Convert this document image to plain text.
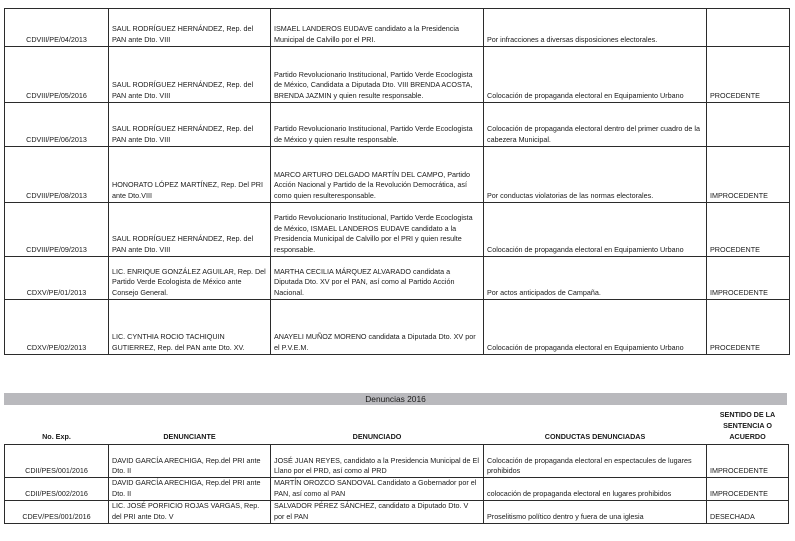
CDVIII/PE/04/2013	SAUL RODRÍGUEZ HERNÁNDEZ, Rep. del PAN ante Dto. VIII	ISMAEL LANDEROS EUDAVE candidato a la Presidencia Municipal de Calvillo por el PRI.	Por infracciones a diversas disposiciones electorales.	
CDVIII/PE/05/2016	SAUL RODRÍGUEZ HERNÁNDEZ, Rep. del PAN ante Dto. VIII	Partido Revolucionario Institucional, Partido Verde Ecoclogista de México, Candidata a Diputada Dto. VIII BRENDA ACOSTA, BRENDA JAZMIN y quien resulte responsable.	Colocación de propaganda electoral en Equipamiento Urbano	PROCEDENTE
CDVIII/PE/06/2013	SAUL RODRÍGUEZ HERNÁNDEZ, Rep. del PAN ante Dto. VIII	Partido Revolucionario Institucional, Partido Verde Ecoclogista de México y quien resulte responsable.	Colocación de propaganda electoral dentro del primer cuadro de la cabezera Municipal.	
CDVIII/PE/08/2013	HONORATO LÓPEZ MARTÍNEZ, Rep. Del PRI ante Dto.VIII	MARCO ARTURO DELGADO MARTÍN DEL CAMPO, Partido Acción Nacional y Partido de la Revolución Democrática, así como quien resulteresponsable.	Por conductas violatorias de las normas electorales.	IMPROCEDENTE
CDVIII/PE/09/2013	SAUL RODRÍGUEZ HERNÁNDEZ, Rep. del PAN ante Dto. VIII	Partido Revolucionario Institucional, Partido Verde Ecoclogista de México, ISMAEL LANDEROS EUDAVE candidato a la Presidencia Municipal de Calvillo por el PRI y quien resulte responsable.	Colocación de propaganda electoral en Equipamiento Urbano	PROCEDENTE
CDXV/PE/01/2013	LIC. ENRIQUE GONZÁLEZ AGUILAR, Rep. Del Partido Verde Ecologista de México ante Consejo General.	MARTHA CECILIA MÁRQUEZ ALVARADO candidata a Diputada Dto. XV por el PAN, así como al Partido Acción Nacional.	Por actos anticipados de Campaña.	IMPROCEDENTE
CDXV/PE/02/2013	LIC. CYNTHIA ROCIO TACHIQUIN GUTIERREZ, Rep. del PAN ante Dto. XV.	ANAYELI MUÑOZ MORENO candidata a Diputada Dto. XV por el P.V.E.M.	Colocación de propaganda electoral en Equipamiento Urbano	PROCEDENTE
Denuncias 2016
No. Exp.	DENUNCIANTE	DENUNCIADO	CONDUCTAS DENUNCIADAS	SENTIDO DE LA SENTENCIA O ACUERDO
CDII/PES/001/2016	DAVID GARCÍA ARECHIGA, Rep.del PRI ante Dto. II	JOSÉ JUAN REYES, candidato a la Presidencia Municipal de El Llano por el PRD, así como al PRD	Colocación de propaganda electoral en espectacules de lugares prohibidos	IMPROCEDENTE
CDII/PES/002/2016	DAVID GARCÍA ARECHIGA, Rep.del PRI ante Dto. II	MARTÍN OROZCO SANDOVAL Candidato a Gobernador por el PAN, así como al PAN	colocación de propaganda electoral en lugares prohibidos	IMPROCEDENTE
CDEV/PES/001/2016	LIC. JOSÉ PORFICIO ROJAS VARGAS, Rep. del PRI ante Dto. V	SALVADOR PÉREZ SÁNCHEZ, candidato a Diputado Dto. V por el PAN	Proselitismo político dentro y fuera de una iglesia	DESECHADA
